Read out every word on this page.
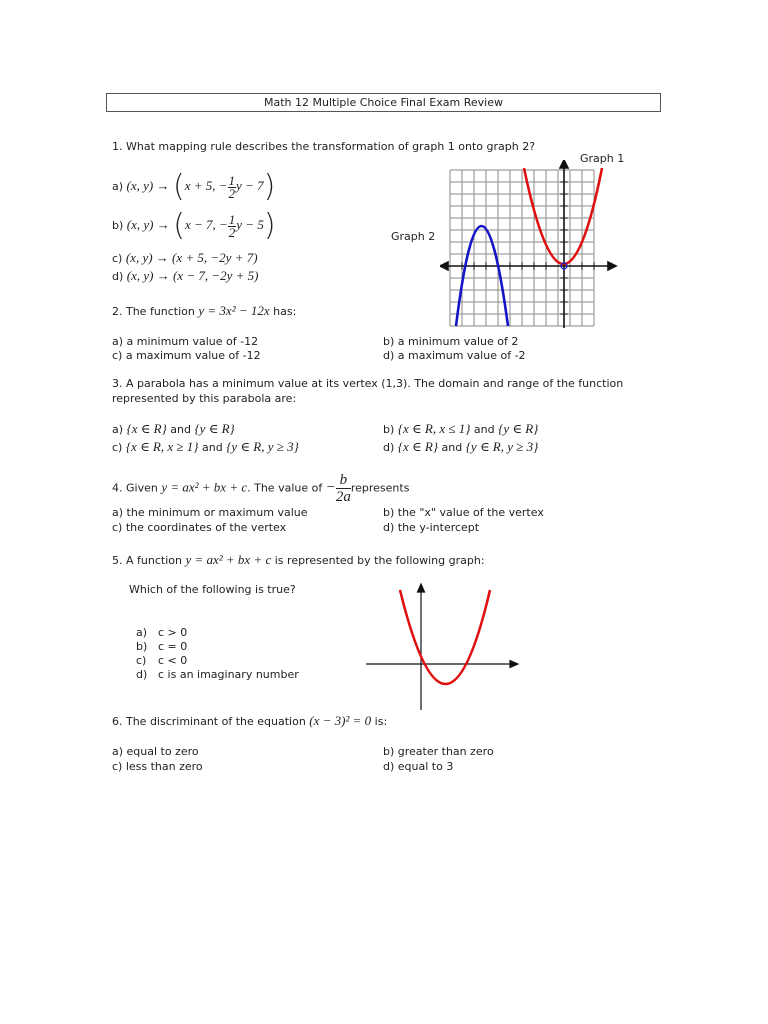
Math 12 Multiple Choice Final Exam Review
1. What mapping rule describes the transformation of graph 1 onto graph 2?
a) (x, y) → (x + 5, − $\frac{1}{2}$ y − 7)
b) (x, y) → (x − 7, − $\frac{1}{2}$ y − 5)
c) (x, y) → (x + 5, −2y + 7)
d) (x, y) → (x − 7, −2y + 5)
Graph 1
Graph 2
2. The function y = 3x² − 12x has:
a) a minimum value of -12	b) a minimum value of 2
c) a maximum value of -12	d) a maximum value of -2
3. A parabola has a minimum value at its vertex (1,3). The domain and range of the function
represented by this parabola are:
a) {x ∈ R} and {y ∈ R}	b) {x ∈ R, x ≤ 1} and {y ∈ R}
c) {x ∈ R, x ≥ 1} and {y ∈ R, y ≥ 3}	d) {x ∈ R} and {y ∈ R, y ≥ 3}
4. Given y = ax² + bx + c. The value of − $\frac{b}{2a}$ represents
a) the minimum or maximum value	b) the "x" value of the vertex
c) the coordinates of the vertex	d) the y-intercept
5. A function y = ax² + bx + c is represented by the following graph:
Which of the following is true?
a) c > 0
b) c = 0
c) c < 0
d) c is an imaginary number
6. The discriminant of the equation (x − 3)² = 0 is:
a) equal to zero	b) greater than zero
c) less than zero	d) equal to 3
